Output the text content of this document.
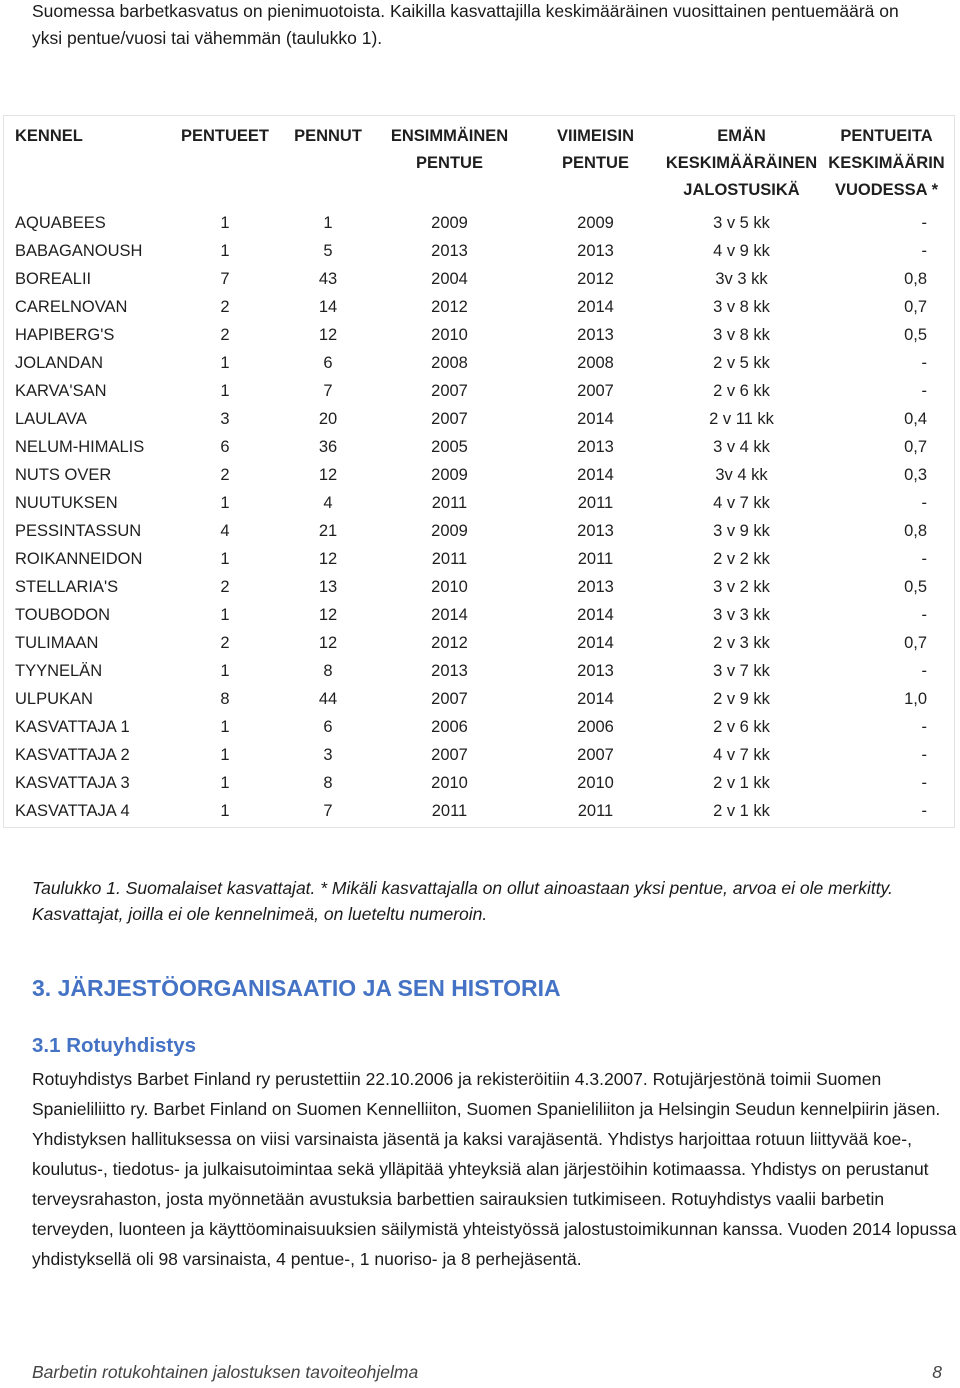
Suomessa barbetkasvatus on pienimuotoista. Kaikilla kasvattajilla keskimääräinen vuosittainen pentuemäärä on yksi pentue/vuosi tai vähemmän (taulukko 1).
KENNEL	PENTUEET	PENNUT	ENSIMMÄINEN PENTUE	VIIMEISIN PENTUE	EMÄN KESKIMÄÄRÄINEN JALOSTUSIKÄ	PENTUEITA KESKIMÄÄRIN VUODESSA *
AQUABEES	1	1	2009	2009	3 v 5 kk	-
BABAGANOUSH	1	5	2013	2013	4 v 9 kk	-
BOREALII	7	43	2004	2012	3v 3 kk	0,8
CARELNOVAN	2	14	2012	2014	3 v 8 kk	0,7
HAPIBERG'S	2	12	2010	2013	3 v 8 kk	0,5
JOLANDAN	1	6	2008	2008	2 v 5 kk	-
KARVA'SAN	1	7	2007	2007	2 v 6 kk	-
LAULAVA	3	20	2007	2014	2 v 11 kk	0,4
NELUM-HIMALIS	6	36	2005	2013	3 v 4 kk	0,7
NUTS OVER	2	12	2009	2014	3v 4 kk	0,3
NUUTUKSEN	1	4	2011	2011	4 v 7 kk	-
PESSINTASSUN	4	21	2009	2013	3 v 9 kk	0,8
ROIKANNEIDON	1	12	2011	2011	2 v 2 kk	-
STELLARIA'S	2	13	2010	2013	3 v 2 kk	0,5
TOUBODON	1	12	2014	2014	3 v 3 kk	-
TULIMAAN	2	12	2012	2014	2 v 3 kk	0,7
TYYNELÄN	1	8	2013	2013	3 v 7 kk	-
ULPUKAN	8	44	2007	2014	2 v 9 kk	1,0
KASVATTAJA 1	1	6	2006	2006	2 v 6 kk	-
KASVATTAJA 2	1	3	2007	2007	4 v 7 kk	-
KASVATTAJA 3	1	8	2010	2010	2 v 1 kk	-
KASVATTAJA 4	1	7	2011	2011	2 v 1 kk	-
Taulukko 1. Suomalaiset kasvattajat. * Mikäli kasvattajalla on ollut ainoastaan yksi pentue, arvoa ei ole merkitty. Kasvattajat, joilla ei ole kennelnimeä, on lueteltu numeroin.
3. JÄRJESTÖORGANISAATIO JA SEN HISTORIA
3.1 Rotuyhdistys
Rotuyhdistys Barbet Finland ry perustettiin 22.10.2006 ja rekisteröitiin 4.3.2007. Rotujärjestönä toimii Suomen Spanieliliitto ry. Barbet Finland on Suomen Kennelliiton, Suomen Spanieliliiton ja Helsingin Seudun kennelpiirin jäsen. Yhdistyksen hallituksessa on viisi varsinaista jäsentä ja kaksi varajäsentä. Yhdistys harjoittaa rotuun liittyvää koe-, koulutus-, tiedotus- ja julkaisutoimintaa sekä ylläpitää yhteyksiä alan järjestöihin kotimaassa. Yhdistys on perustanut terveysrahaston, josta myönnetään avustuksia barbettien sairauksien tutkimiseen. Rotuyhdistys vaalii barbetin terveyden, luonteen ja käyttöominaisuuksien säilymistä yhteistyössä jalostustoimikunnan kanssa. Vuoden 2014 lopussa yhdistyksellä oli 98 varsinaista, 4 pentue-, 1 nuoriso- ja 8 perhejäsentä.
Barbetin rotukohtainen jalostuksen tavoiteohjelma	8
